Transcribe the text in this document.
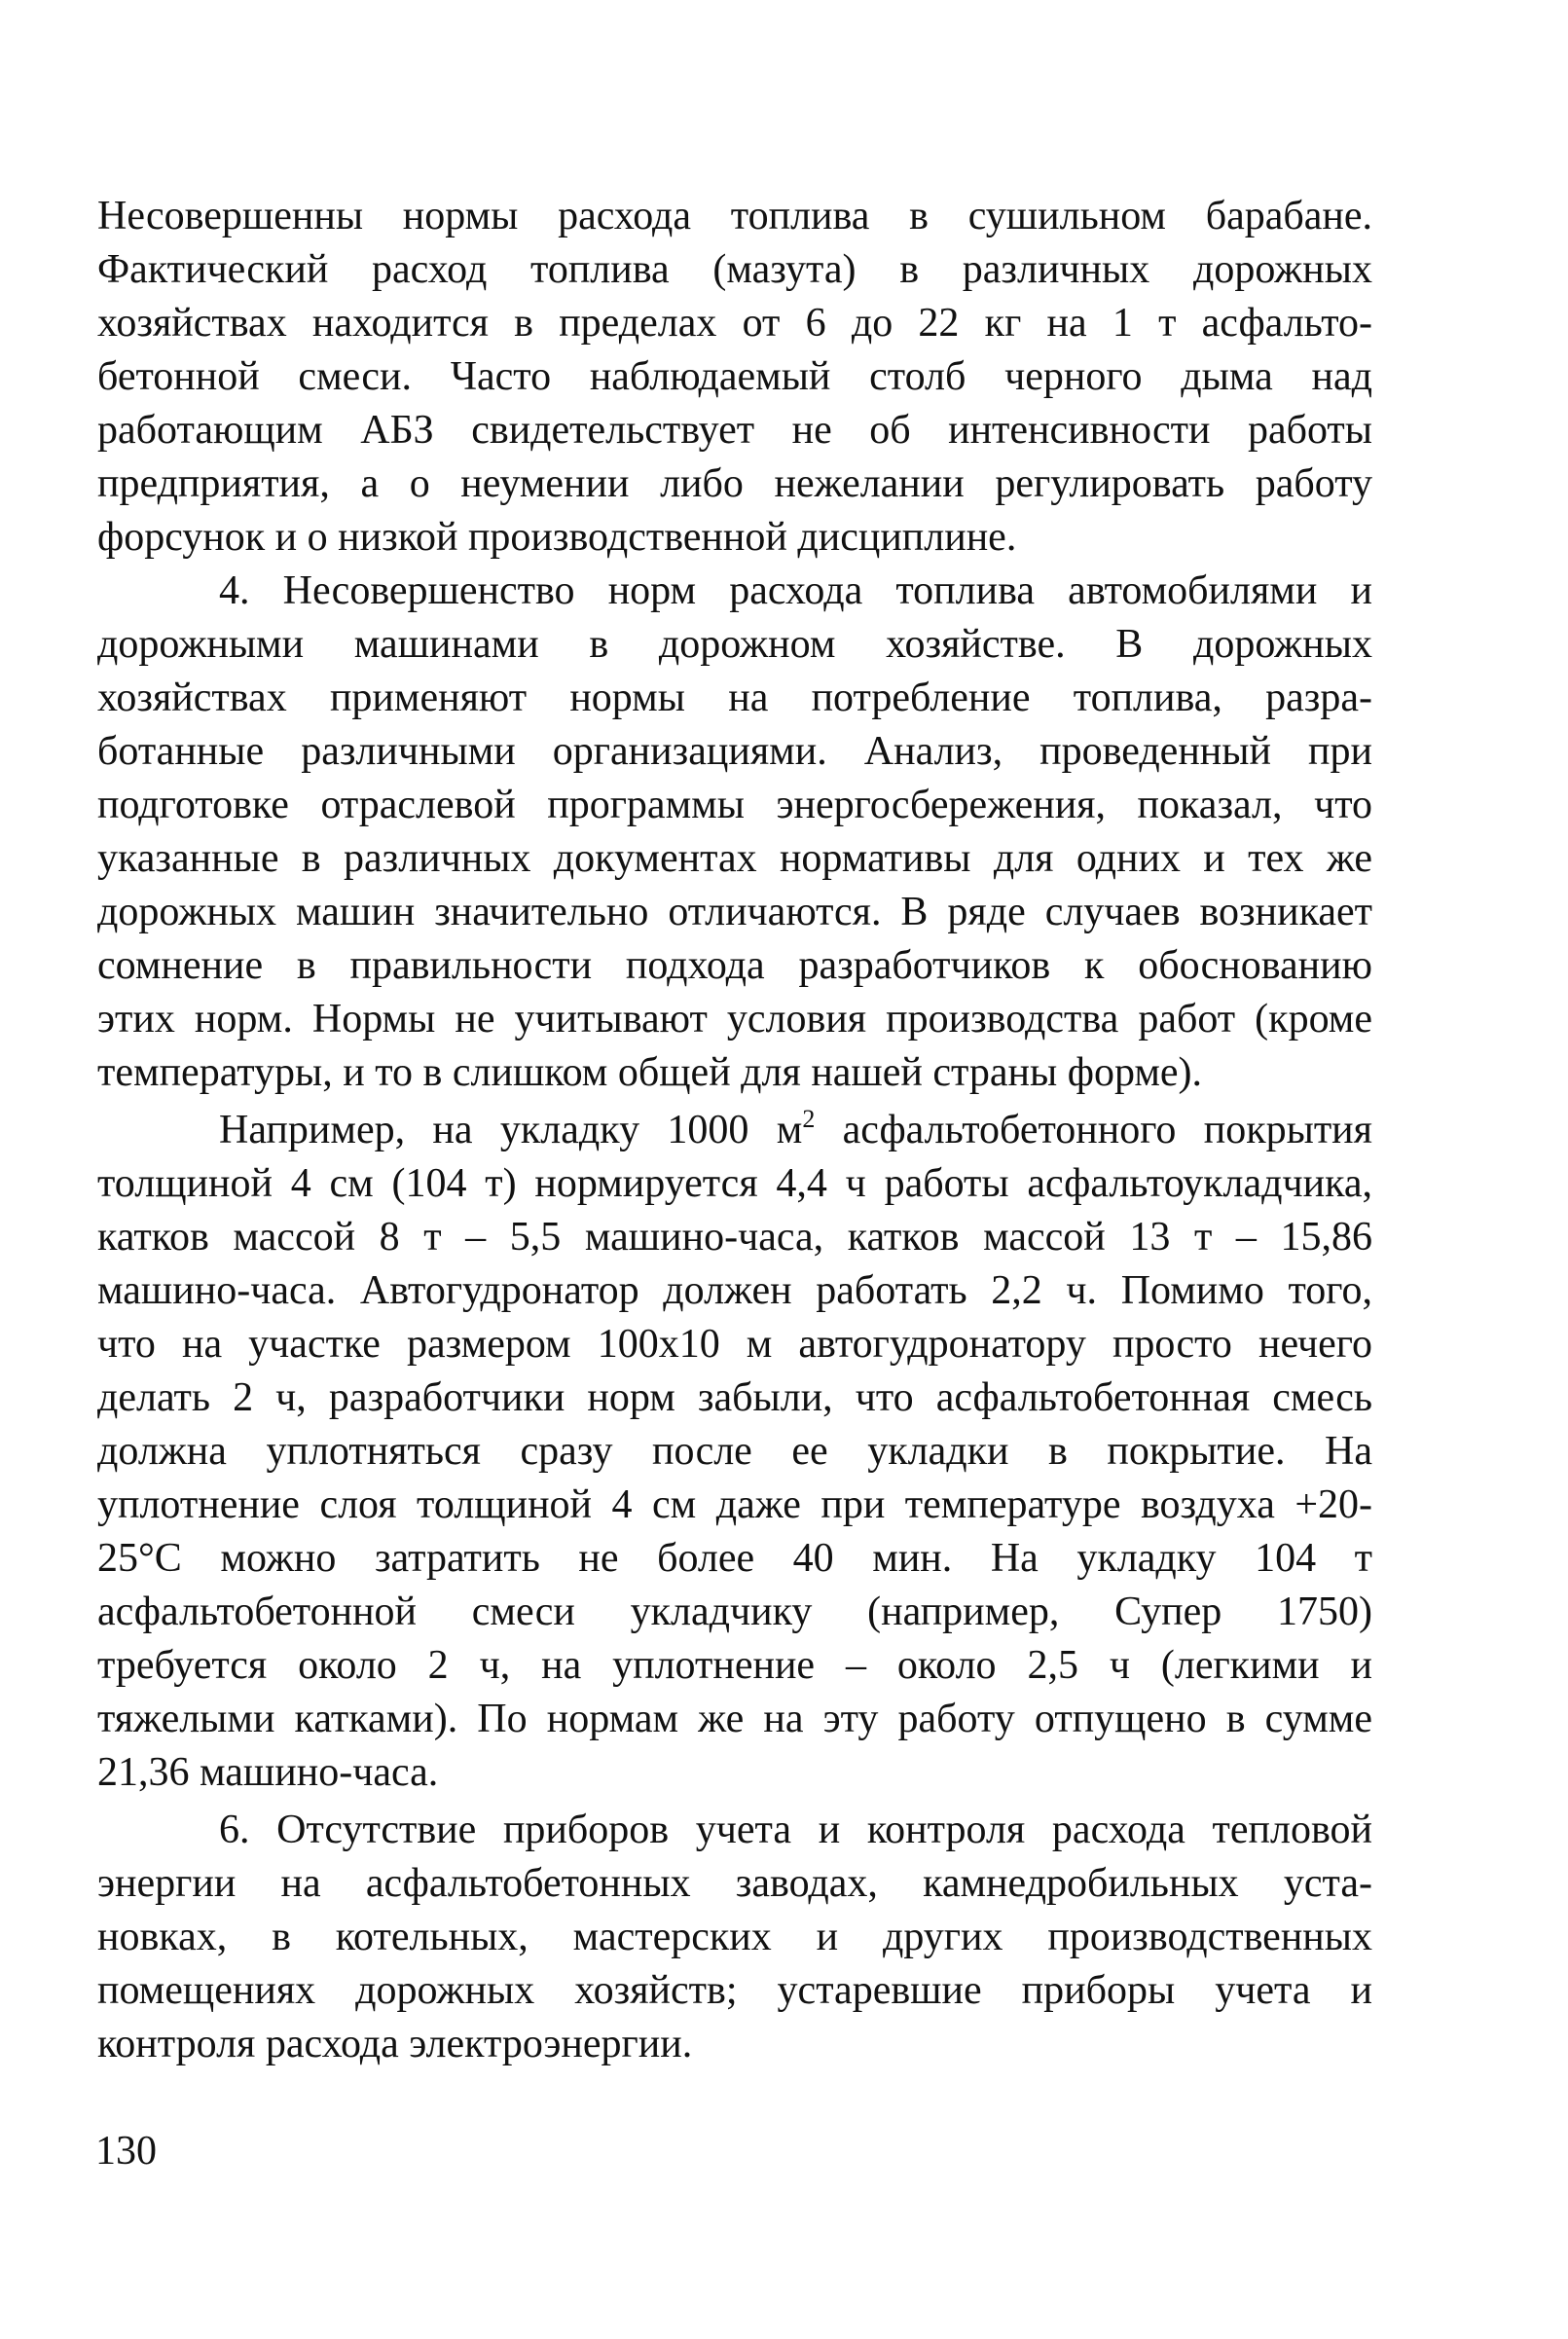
Несовершенны нормы расхода топлива в сушильном барабане.
Фактический расход топлива (мазута) в различных дорожных
хозяйствах находится в пределах от 6 до 22 кг на 1 т асфальто-
бетонной смеси. Часто наблюдаемый столб черного дыма над
работающим АБЗ свидетельствует не об интенсивности работы
предприятия, а о неумении либо нежелании регулировать работу
форсунок и о низкой производственной дисциплине.
4. Несовершенство норм расхода топлива автомобилями и
дорожными машинами в дорожном хозяйстве. В дорожных
хозяйствах применяют нормы на потребление топлива, разра-
ботанные различными организациями. Анализ, проведенный при
подготовке отраслевой программы энергосбережения, показал, что
указанные в различных документах нормативы для одних и тех же
дорожных машин значительно отличаются. В ряде случаев возникает
сомнение в правильности подхода разработчиков к обоснованию
этих норм. Нормы не учитывают условия производства работ (кроме
температуры, и то в слишком общей для нашей страны форме).
Например, на укладку 1000 $м^2$ асфальтобетонного покрытия
толщиной 4 см (104 т) нормируется 4,4 ч работы асфальтоукладчика,
катков массой 8 т – 5,5 машино-часа, катков массой 13 т – 15,86
машино-часа. Автогудронатор должен работать 2,2 ч. Помимо того,
что на участке размером 100х10 м автогудронатору просто нечего
делать 2 ч, разработчики норм забыли, что асфальтобетонная смесь
должна уплотняться сразу после ее укладки в покрытие. На
уплотнение слоя толщиной 4 см даже при температуре воздуха +20-
25°С можно затратить не более 40 мин. На укладку 104 т
асфальтобетонной смеси укладчику (например, Супер 1750)
требуется около 2 ч, на уплотнение – около 2,5 ч (легкими и
тяжелыми катками). По нормам же на эту работу отпущено в сумме
21,36 машино-часа.
6. Отсутствие приборов учета и контроля расхода тепловой
энергии на асфальтобетонных заводах, камнедробильных уста-
новках, в котельных, мастерских и других производственных
помещениях дорожных хозяйств; устаревшие приборы учета и
контроля расхода электроэнергии.
130
